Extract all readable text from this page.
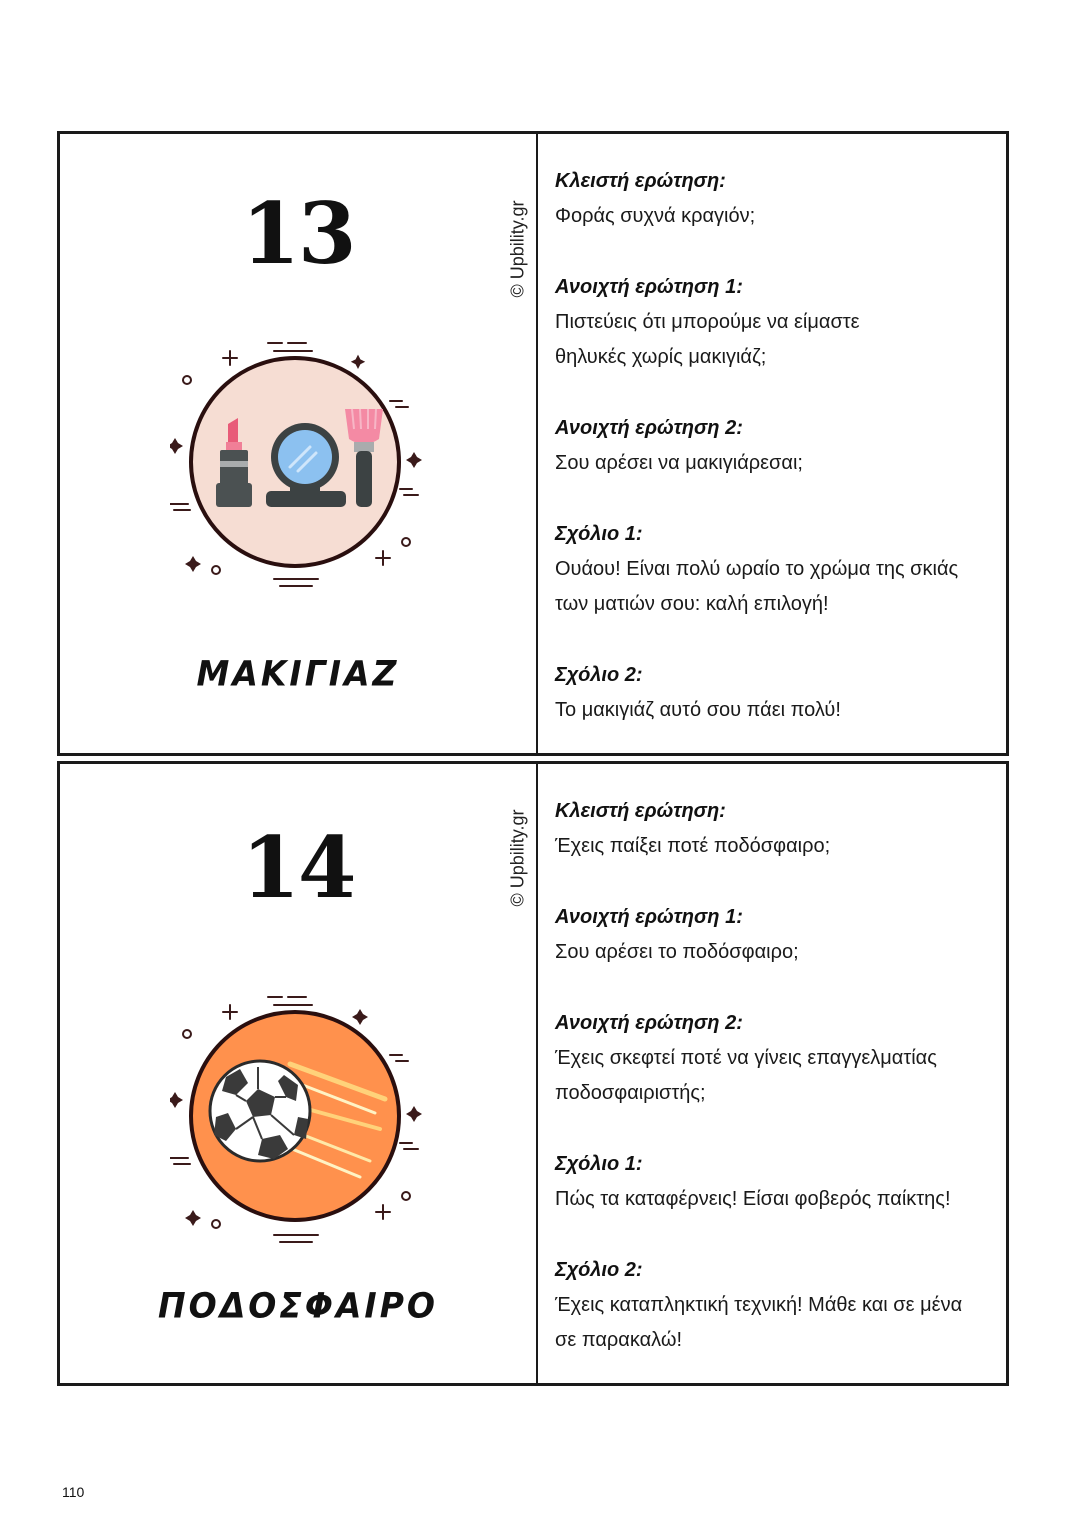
13	© Upbility.gr
ΜΑΚΙΓΙΑΖ

Κλειστή ερώτηση:

Φοράς συχνά κραγιόν;

Ανοιχτή ερώτηση 1:

Πιστεύεις ότι μπορούμε να είμαστε

θηλυκές χωρίς μακιγιάζ;

Ανοιχτή ερώτηση 2:

Σου αρέσει να μακιγιάρεσαι;

Σχόλιο 1:

Ουάου! Είναι πολύ ωραίο το χρώμα της σκιάς

των ματιών σου: καλή επιλογή!

Σχόλιο 2:

Το μακιγιάζ αυτό σου πάει πολύ!

14	© Upbility.gr
ΠΟΔΟΣΦΑΙΡΟ

Κλειστή ερώτηση:

Έχεις παίξει ποτέ ποδόσφαιρο;

Ανοιχτή ερώτηση 1:

Σου αρέσει το ποδόσφαιρο;

Ανοιχτή ερώτηση 2:

Έχεις σκεφτεί ποτέ να γίνεις επαγγελματίας

ποδοσφαιριστής;

Σχόλιο 1:

Πώς τα καταφέρνεις! Είσαι φοβερός παίκτης!

Σχόλιο 2:

Έχεις καταπληκτική τεχνική! Μάθε και σε μένα

σε παρακαλώ!

110
